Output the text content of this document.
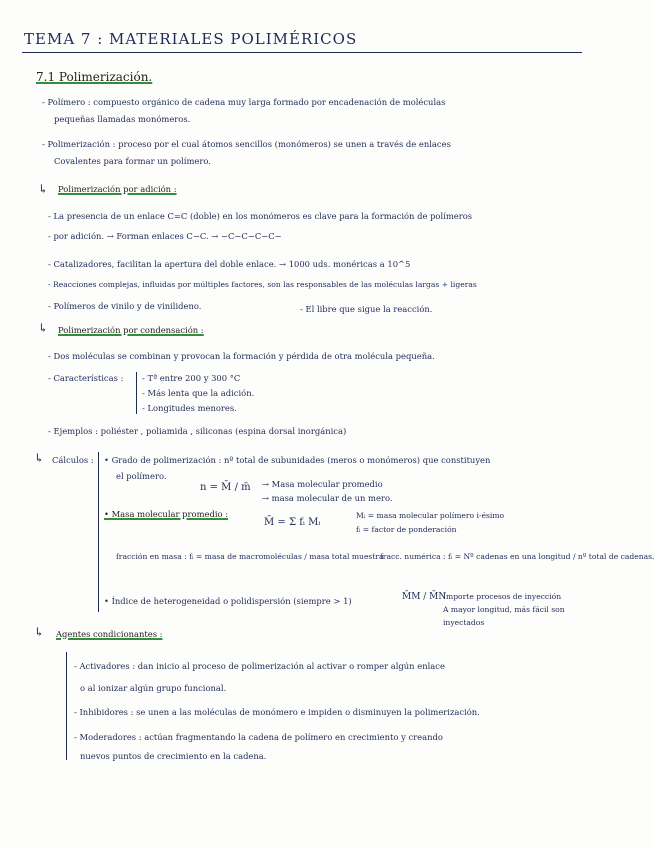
TEMA 7 : MATERIALES POLIMÉRICOS
7.1 Polimerización.
- Polímero : compuesto orgánico de cadena muy larga formado por encadenación de moléculas
pequeñas llamadas monómeros.
- Polimerización : proceso por el cual átomos sencillos (monómeros) se unen a través de enlaces
Covalentes para formar un polímero.
↳ Polimerización por adición :
- La presencia de un enlace C=C (doble) en los monómeros es clave para la formación de polímeros
- por adición. → Forman enlaces C−C. → −C−C−C−C−
- Catalizadores, facilitan la apertura del doble enlace. → 1000 uds. monéricas a 10^5
- Reacciones complejas, influidas por múltiples factores, son las responsables de las moléculas largas + ligeras
- Polímeros de vinilo y de vinilideno.	- El libre que sigue la reacción.
↳ Polimerización por condensación :
- Dos moléculas se combinan y provocan la formación y pérdida de otra molécula pequeña.
- Características : - Tª entre 200 y 300 °C
- Más lenta que la adición.
- Longitudes menores.
- Ejemplos : poliéster , poliamida , siliconas (espina dorsal inorgánica)
↳ Cálculos : • Grado de polimerización : nº total de subunidades (meros o monómeros) que constituyen
el polímero.
n = M̄ / m̄ → Masa molecular promedio
→ masa molecular de un mero.
• Masa molecular promedio :
M̄ = Σ fᵢ Mᵢ
Mᵢ = masa molecular polímero i-ésimo
fᵢ = factor de ponderación
fracción en masa : fᵢ = masa de macromoléculas / masa total muestra
fracc. numérica : fᵢ = Nº cadenas en una longitud / nº total de cadenas.
• Índice de heterogeneidad o polidispersión (siempre > 1)	M̄M / M̄N
Importe procesos de inyección
A mayor longitud, más fácil son
inyectados
↳ Agentes condicionantes :
- Activadores : dan inicio al proceso de polimerización al activar o romper algún enlace
o al ionizar algún grupo funcional.
- Inhibidores : se unen a las moléculas de monómero e impiden o disminuyen la polimerización.
- Moderadores : actúan fragmentando la cadena de polímero en crecimiento y creando
nuevos puntos de crecimiento en la cadena.
